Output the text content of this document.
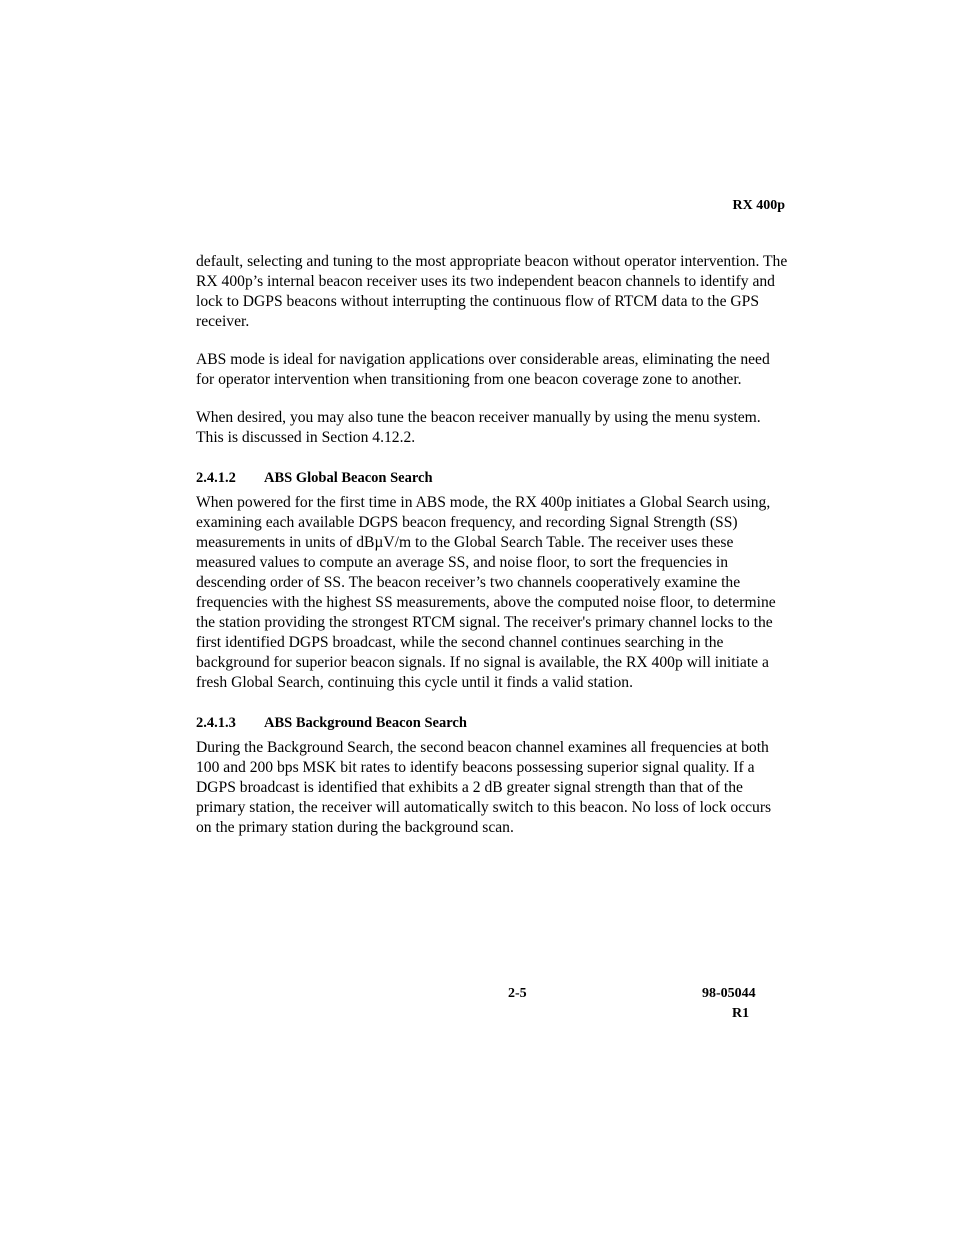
RX 400p

default, selecting and tuning to the most appropriate beacon without operator intervention. The RX 400p’s internal beacon receiver uses its two independent beacon channels to identify and lock to DGPS beacons without interrupting the continuous flow of RTCM data to the GPS receiver.

ABS mode is ideal for navigation applications over considerable areas, eliminating the need for operator intervention when transitioning from one beacon coverage zone to another.

When desired, you may also tune the beacon receiver manually by using the menu system. This is discussed in Section 4.12.2.

2.4.1.2 ABS Global Beacon Search

When powered for the first time in ABS mode, the RX 400p initiates a Global Search using, examining each available DGPS beacon frequency, and recording Signal Strength (SS) measurements in units of dBµV/m to the Global Search Table. The receiver uses these measured values to compute an average SS, and noise floor, to sort the frequencies in descending order of SS. The beacon receiver’s two channels cooperatively examine the frequencies with the highest SS measurements, above the computed noise floor, to determine the station providing the strongest RTCM signal. The receiver's primary channel locks to the first identified DGPS broadcast, while the second channel continues searching in the background for superior beacon signals. If no signal is available, the RX 400p will initiate a fresh Global Search, continuing this cycle until it finds a valid station.

2.4.1.3 ABS Background Beacon Search

During the Background Search, the second beacon channel examines all frequencies at both 100 and 200 bps MSK bit rates to identify beacons possessing superior signal quality. If a DGPS broadcast is identified that exhibits a 2 dB greater signal strength than that of the primary station, the receiver will automatically switch to this beacon. No loss of lock occurs on the primary station during the background scan.

2-5	98-05044
R1
